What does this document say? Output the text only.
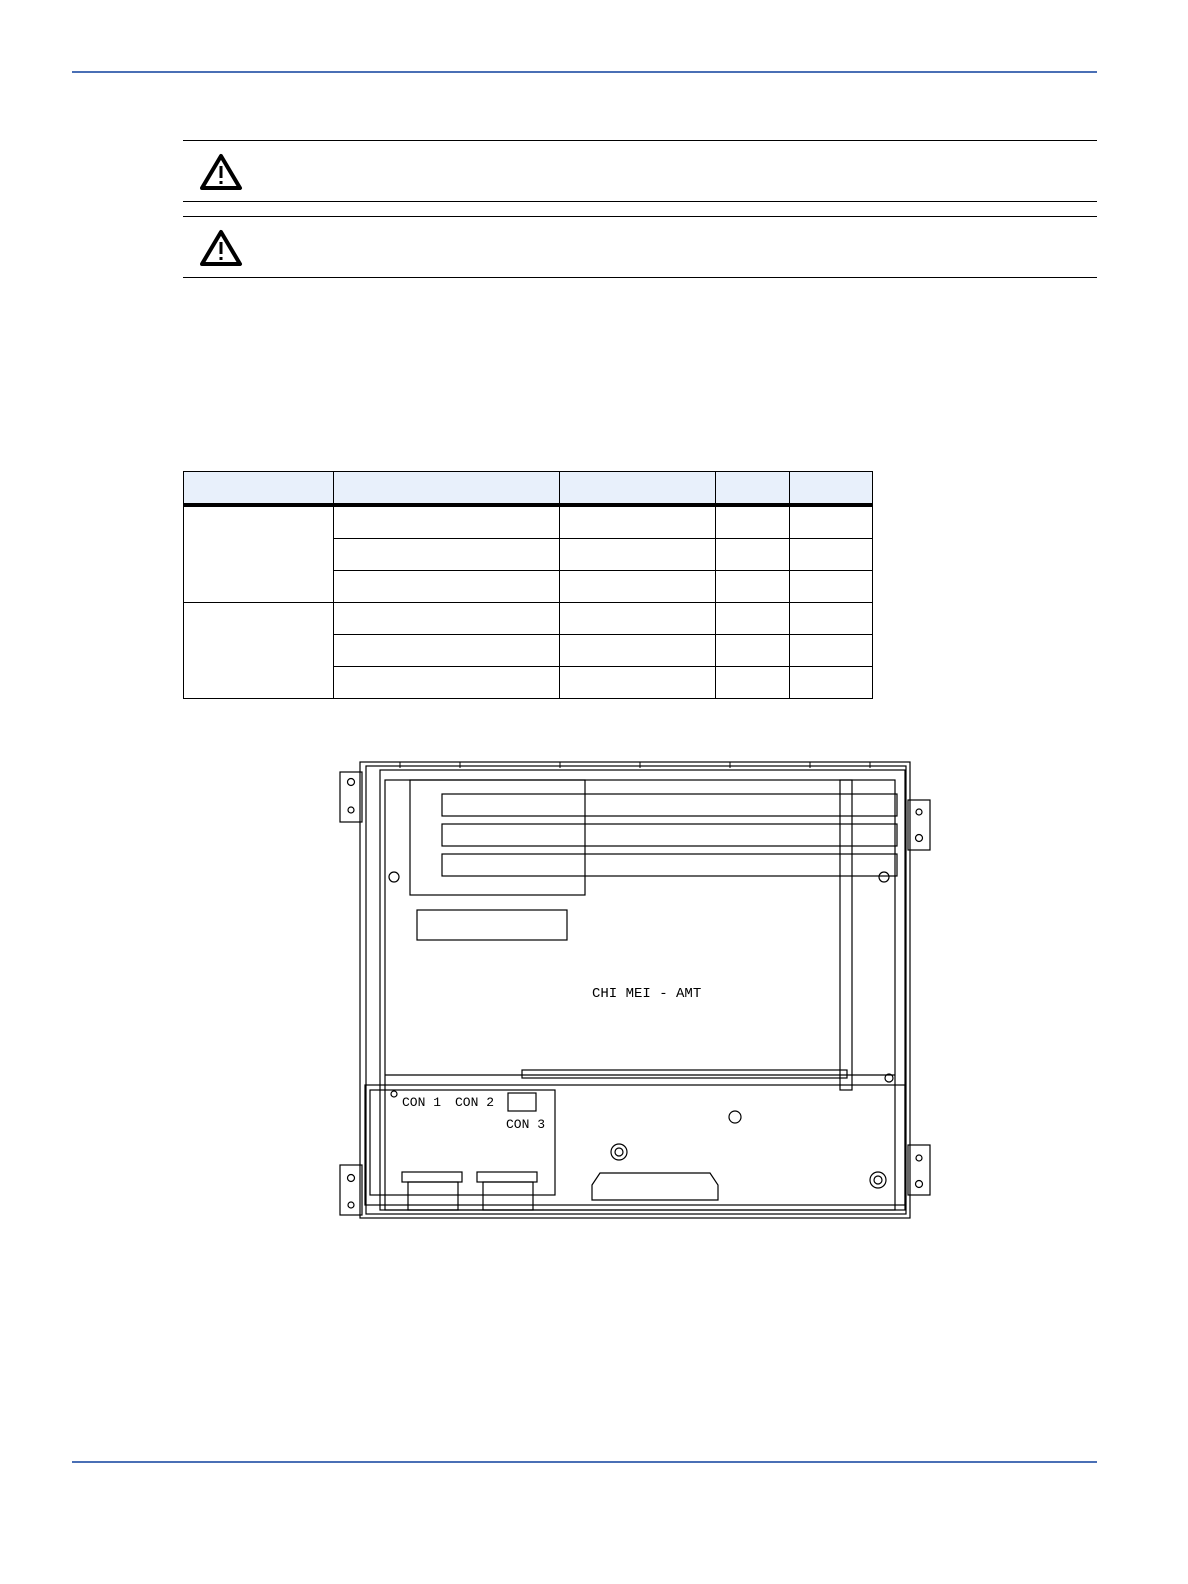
CHI MEI - AMT
CON 1 CON 2
CON 3
